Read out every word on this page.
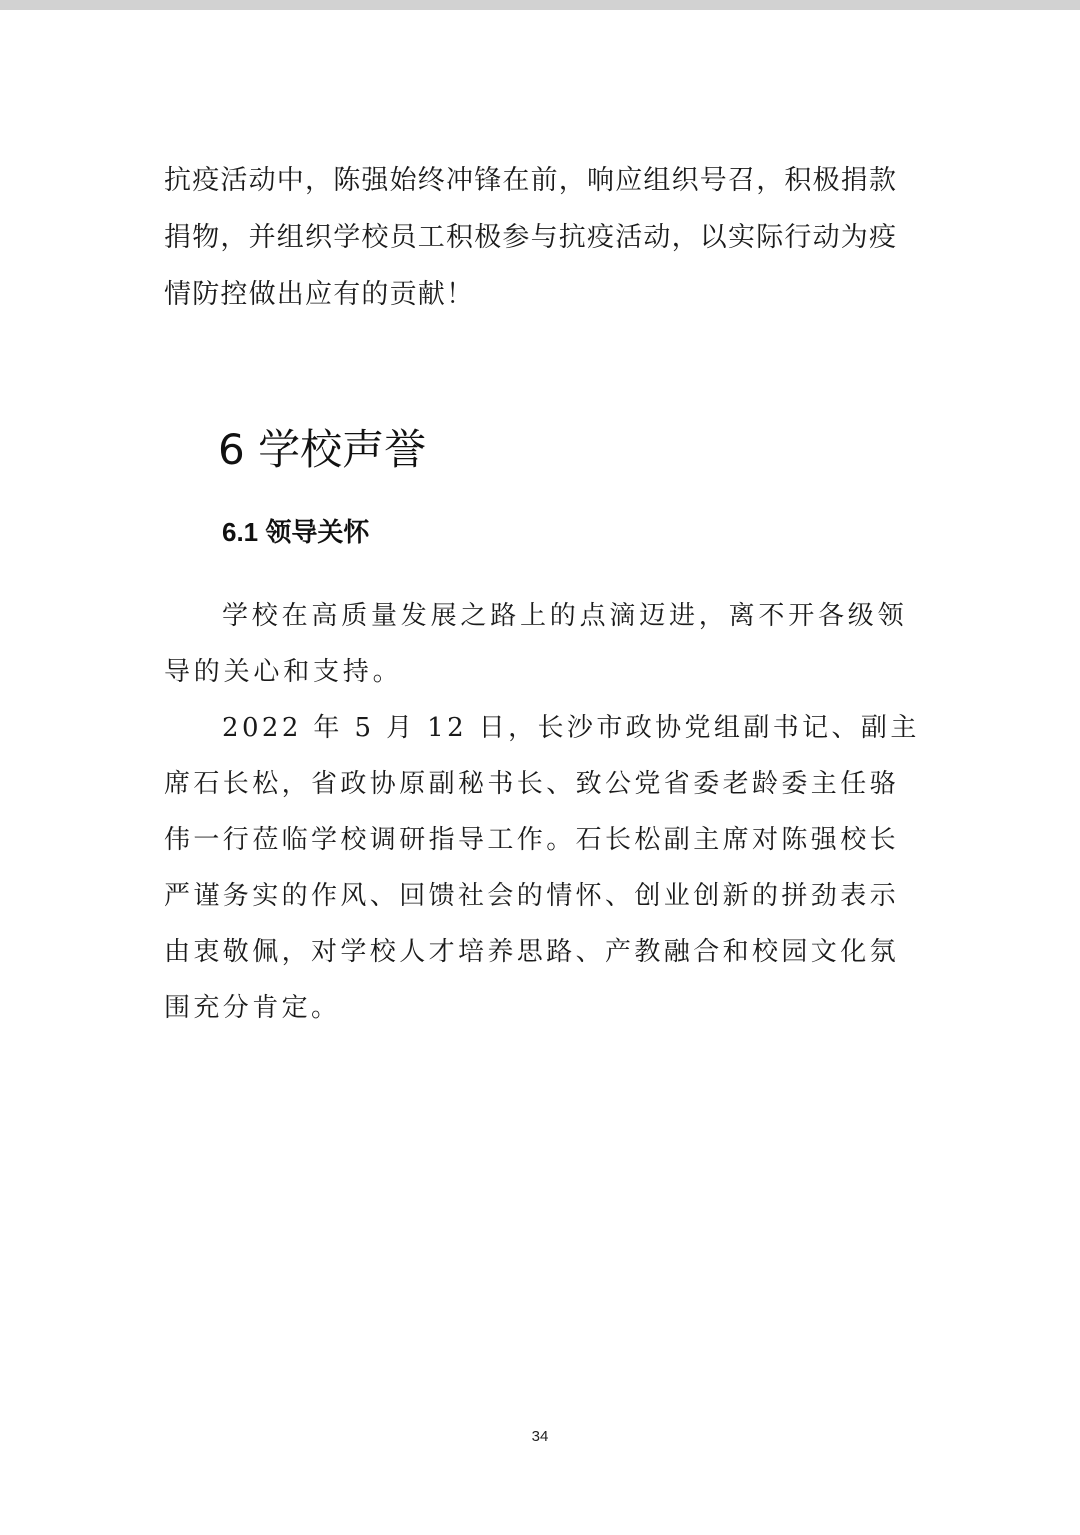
抗疫活动中，陈强始终冲锋在前，响应组织号召，积极捐款捐物，并组织学校员工积极参与抗疫活动，以实际行动为疫情防控做出应有的贡献！

6 学校声誉
6.1 领导关怀

学校在高质量发展之路上的点滴迈进，离不开各级领导的关心和支持。

2022 年 5 月 12 日，长沙市政协党组副书记、副主席石长松，省政协原副秘书长、致公党省委老龄委主任骆伟一行莅临学校调研指导工作。石长松副主席对陈强校长严谨务实的作风、回馈社会的情怀、创业创新的拼劲表示由衷敬佩，对学校人才培养思路、产教融合和校园文化氛围充分肯定。

34
